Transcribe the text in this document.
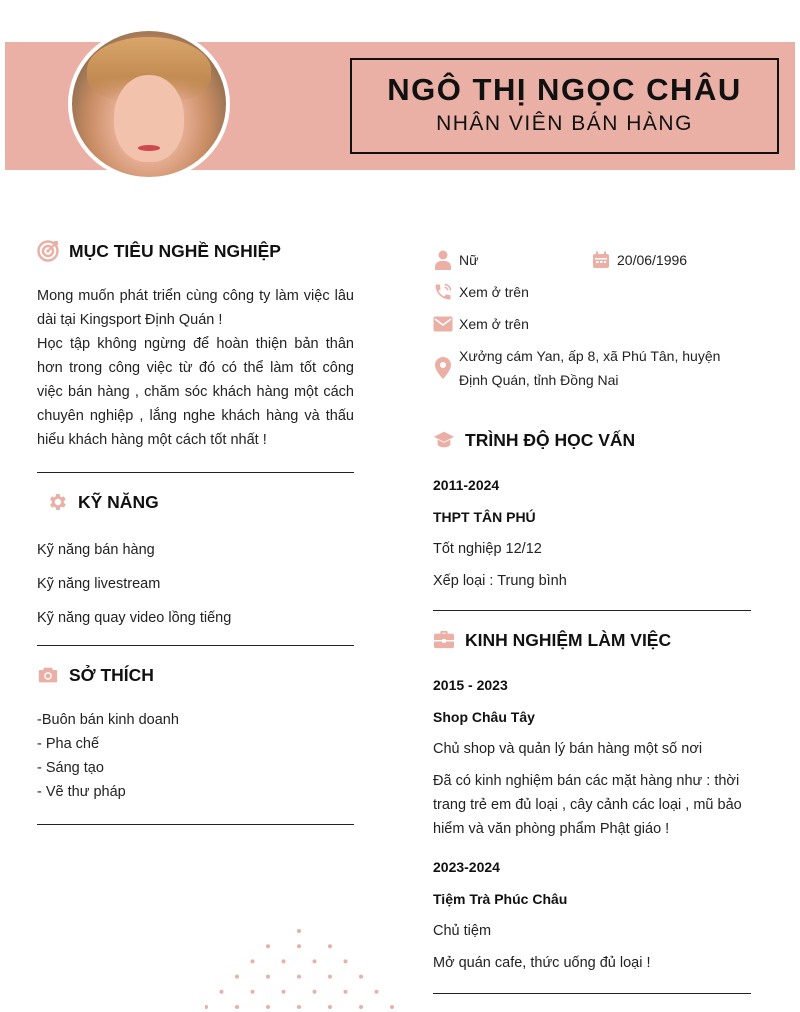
NGÔ THỊ NGỌC CHÂU
NHÂN VIÊN BÁN HÀNG
MỤC TIÊU NGHỀ NGHIỆP
Mong muốn phát triển cùng công ty làm việc lâu dài tại Kingsport Định Quán !
Học tập không ngừng để hoàn thiện bản thân hơn trong công việc từ đó có thể làm tốt công việc bán hàng , chăm sóc khách hàng một cách chuyên nghiệp , lắng nghe khách hàng và thấu hiểu khách hàng một cách tốt nhất !
KỸ NĂNG
Kỹ năng bán hàng
Kỹ năng livestream
Kỹ năng quay video lồng tiếng
SỞ THÍCH
-Buôn bán kinh doanh
- Pha chế
- Sáng tạo
- Vẽ thư pháp
Nữ	20/06/1996
Xem ở trên
Xem ở trên
Xưởng cám Yan, ấp 8, xã Phú Tân, huyện Định Quán, tỉnh Đồng Nai
TRÌNH ĐỘ HỌC VẤN
2011-2024
THPT TÂN PHÚ
Tốt nghiệp 12/12
Xếp loại : Trung bình
KINH NGHIỆM LÀM VIỆC
2015 - 2023
Shop Châu Tây
Chủ shop và quản lý bán hàng một số nơi
Đã có kinh nghiệm bán các mặt hàng như : thời trang trẻ em đủ loại , cây cảnh các loại , mũ bảo hiểm và văn phòng phẩm Phật giáo !
2023-2024
Tiệm Trà Phúc Châu
Chủ tiệm
Mở quán cafe, thức uống đủ loại !
